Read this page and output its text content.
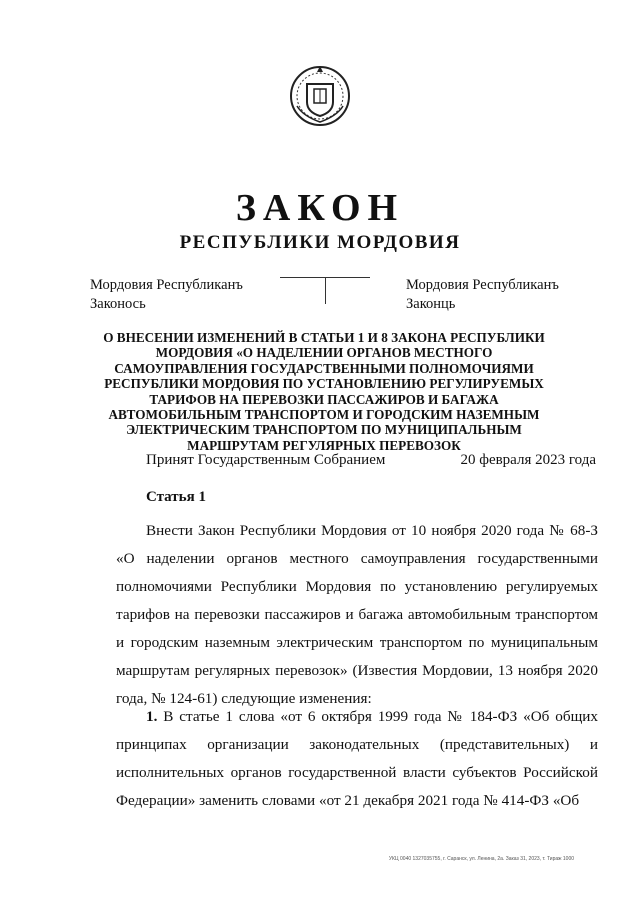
ЗАКОН
РЕСПУБЛИКИ МОРДОВИЯ
Мордовия Республиканъ
Законось
Мордовия Республиканъ
Законць
О ВНЕСЕНИИ ИЗМЕНЕНИЙ В СТАТЬИ 1 И 8 ЗАКОНА РЕСПУБЛИКИ МОРДОВИЯ «О НАДЕЛЕНИИ ОРГАНОВ МЕСТНОГО САМОУПРАВЛЕНИЯ ГОСУДАРСТВЕННЫМИ ПОЛНОМОЧИЯМИ РЕСПУБЛИКИ МОРДОВИЯ ПО УСТАНОВЛЕНИЮ РЕГУЛИРУЕМЫХ ТАРИФОВ НА ПЕРЕВОЗКИ ПАССАЖИРОВ И БАГАЖА АВТОМОБИЛЬНЫМ ТРАНСПОРТОМ И ГОРОДСКИМ НАЗЕМНЫМ ЭЛЕКТРИЧЕСКИМ ТРАНСПОРТОМ ПО МУНИЦИПАЛЬНЫМ МАРШРУТАМ РЕГУЛЯРНЫХ ПЕРЕВОЗОК
Принят Государственным Собранием	20 февраля 2023 года
Статья 1

Внести Закон Республики Мордовия от 10 ноября 2020 года № 68-З «О наделении органов местного самоуправления государственными полномочиями Республики Мордовия по установлению регулируемых тарифов на перевозки пассажиров и багажа автомобильным транспортом и городским наземным электрическим транспортом по муниципальным маршрутам регулярных перевозок» (Известия Мордовии, 13 ноября 2020 года, № 124-61) следующие изменения:

1. В статье 1 слова «от 6 октября 1999 года № 184-ФЗ «Об общих принципах организации законодательных (представительных) и исполнительных органов государственной власти субъектов Российской Федерации» заменить словами «от 21 декабря 2021 года № 414-ФЗ «Об

УКЦ 0040 1327035755, г. Саранск, ул. Ленина, 2а. Заказ 31, 2023, т. Тираж 1000
